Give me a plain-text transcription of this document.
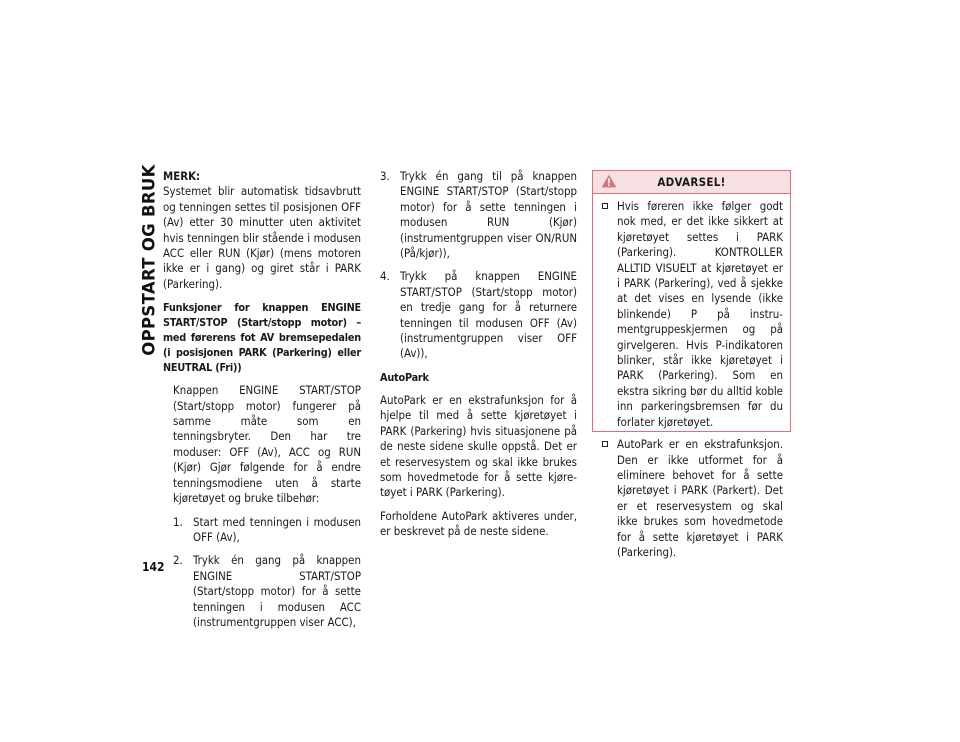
OPPSTART OG BRUK
142

MERK:

Systemet blir automatisk tidsavbrutt og tenningen settes til posisjonen OFF (Av) etter 30 minutter uten aktivitet hvis tenningen blir stående i modusen ACC eller RUN (Kjør) (mens motoren ikke er i gang) og giret står i PARK (Parkering).

Funksjoner for knappen ENGINE START/STOP (Start/stopp motor) – med førerens fot AV bremsepedalen (i posisjonen PARK (Parkering) eller NEUTRAL (Fri))

Knappen ENGINE START/STOP (Start/stopp motor) fungerer på samme måte som en tenningsbryter. Den har tre moduser: OFF (Av), ACC og RUN (Kjør) Gjør følgende for å endre tenningsmodiene uten å starte kjøretøyet og bruke tilbehør:

1. Start med tenningen i modusen OFF (Av),
2. Trykk én gang på knappen ENGINE START/STOP (Start/stopp motor) for å sette tenningen i modusen ACC (instrumentgruppen viser ACC),
3. Trykk én gang til på knappen ENGINE START/STOP (Start/stopp motor) for å sette tenningen i modusen RUN (Kjør) (instrumentgruppen viser ON/RUN (På/kjør)),
4. Trykk på knappen ENGINE START/STOP (Start/stopp motor) en tredje gang for å returnere tenningen til modusen OFF (Av) (instrumentgruppen viser OFF (Av)),

AutoPark

AutoPark er en ekstrafunksjon for å hjelpe til med å sette kjøretøyet i PARK (Parkering) hvis situasjonene på de neste sidene skulle oppstå. Det er et reservesystem og skal ikke brukes som hovedmetode for å sette kjøretøyet i PARK (Parkering).

Forholdene AutoPark aktiveres under, er beskrevet på de neste sidene.

ADVARSEL!
Hvis føreren ikke følger godt nok med, er det ikke sikkert at kjøretøyet settes i PARK (Parkering). KONTROLLER ALLTID VISUELT at kjøretøyet er i PARK (Parkering), ved å sjekke at det vises en lysende (ikke blinkende) P på instrumentgruppeskjermen og på girvelgeren. Hvis P-indikatoren blinker, står ikke kjøretøyet i PARK (Parkering). Som en ekstra sikring bør du alltid koble inn parkeringsbremsen før du forlater kjøretøyet.
AutoPark er en ekstrafunksjon. Den er ikke utformet for å eliminere behovet for å sette kjøretøyet i PARK (Parkert). Det er et reservesystem og skal ikke brukes som hovedmetode for å sette kjøretøyet i PARK (Parkering).
